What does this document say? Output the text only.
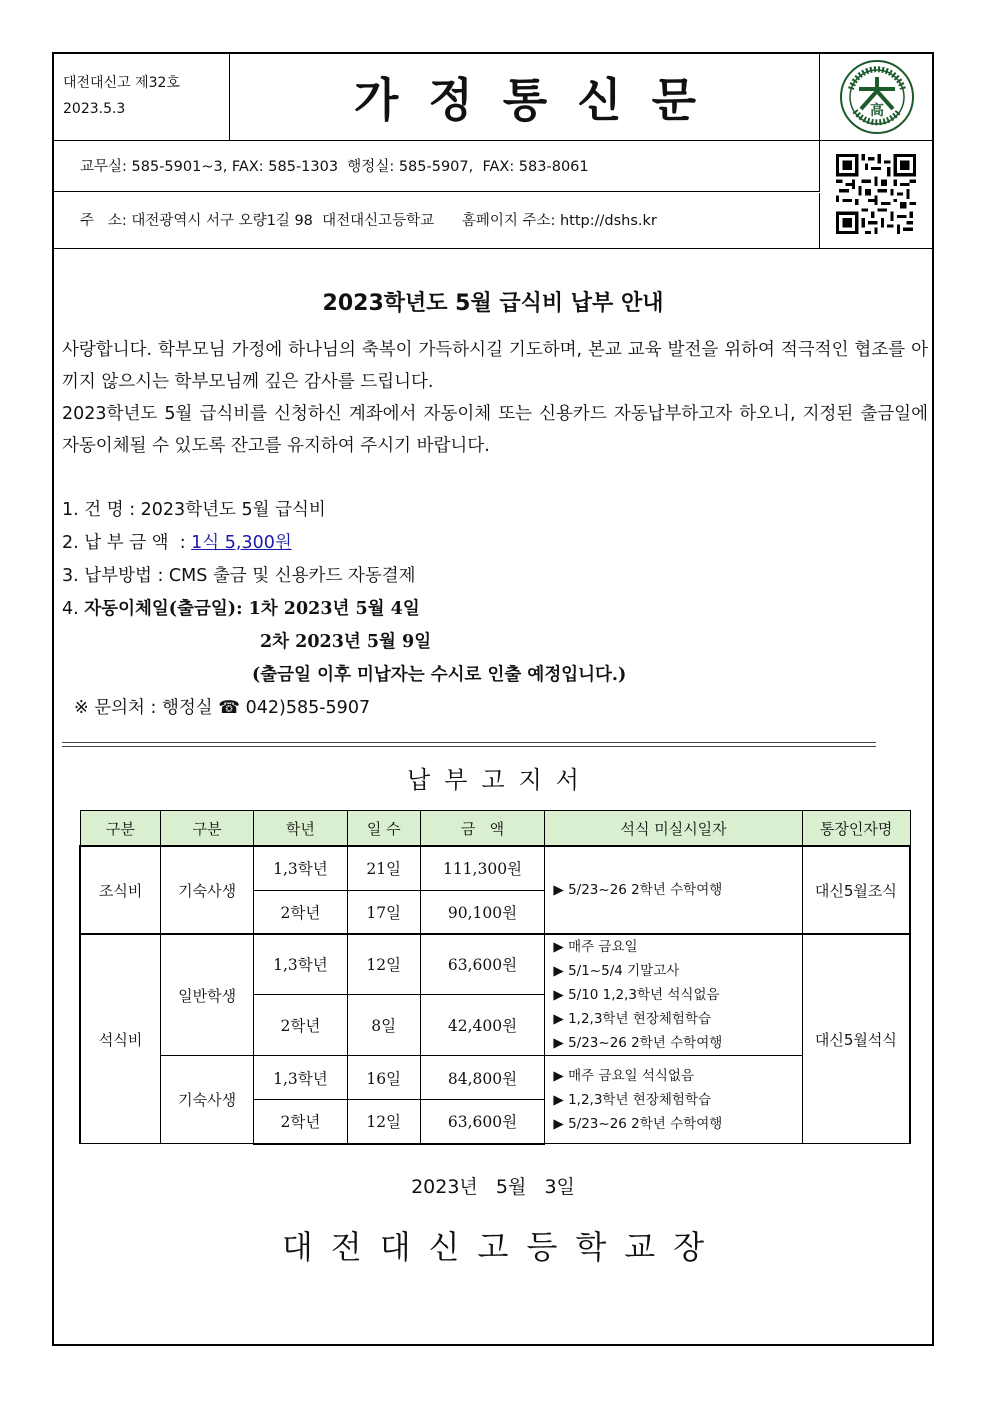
대전대신고 제32호
2023.5.3	가정통신문	高
교무실: 585-5901~3, FAX: 585-1303  행정실: 585-5907,  FAX: 583-8061
주   소: 대전광역시 서구 오량1길 98  대전대신고등학교      홈페이지 주소: http://dshs.kr
2023학년도 5월 급식비 납부 안내
사랑합니다. 학부모님 가정에 하나님의 축복이 가득하시길 기도하며, 본교 교육 발전을 위하여 적극적인 협조를 아끼지 않으시는 학부모님께 깊은 감사를 드립니다.
2023학년도 5월 급식비를 신청하신 계좌에서 자동이체 또는 신용카드 자동납부하고자 하오니, 지정된 출금일에 자동이체될 수 있도록 잔고를 유지하여 주시기 바랍니다.
1. 건 명 : 2023학년도 5월 급식비
2. 납 부 금 액  : 1식 5,300원
3. 납부방법 : CMS 출금 및 신용카드 자동결제
4. 자동이체일(출금일): 1차 2023년 5월 4일
2차 2023년 5월 9일
(출금일 이후 미납자는 수시로 인출 예정입니다.)
※ 문의처 : 행정실 ☎ 042)585-5907
납부고지서
구분	구분	학년	일 수	금   액	석식 미실시일자	통장인자명
조식비	기숙사생	1,3학년	21일	111,300원	▶ 5/23~26 2학년 수학여행	대신5월조식
		2학년	17일	90,100원		
석식비	일반학생	1,3학년	12일	63,600원	▶ 매주 금요일
▶ 5/1~5/4 기말고사
▶ 5/10 1,2,3학년 석식없음
▶ 1,2,3학년 현장체험학습
▶ 5/23~26 2학년 수학여행	대신5월석식
		2학년	8일	42,400원		
	기숙사생	1,3학년	16일	84,800원	▶ 매주 금요일 석식없음
▶ 1,2,3학년 현장체험학습
▶ 5/23~26 2학년 수학여행	

		2학년	12일	63,600원		
2023년   5월   3일
대전대신고등학교장
